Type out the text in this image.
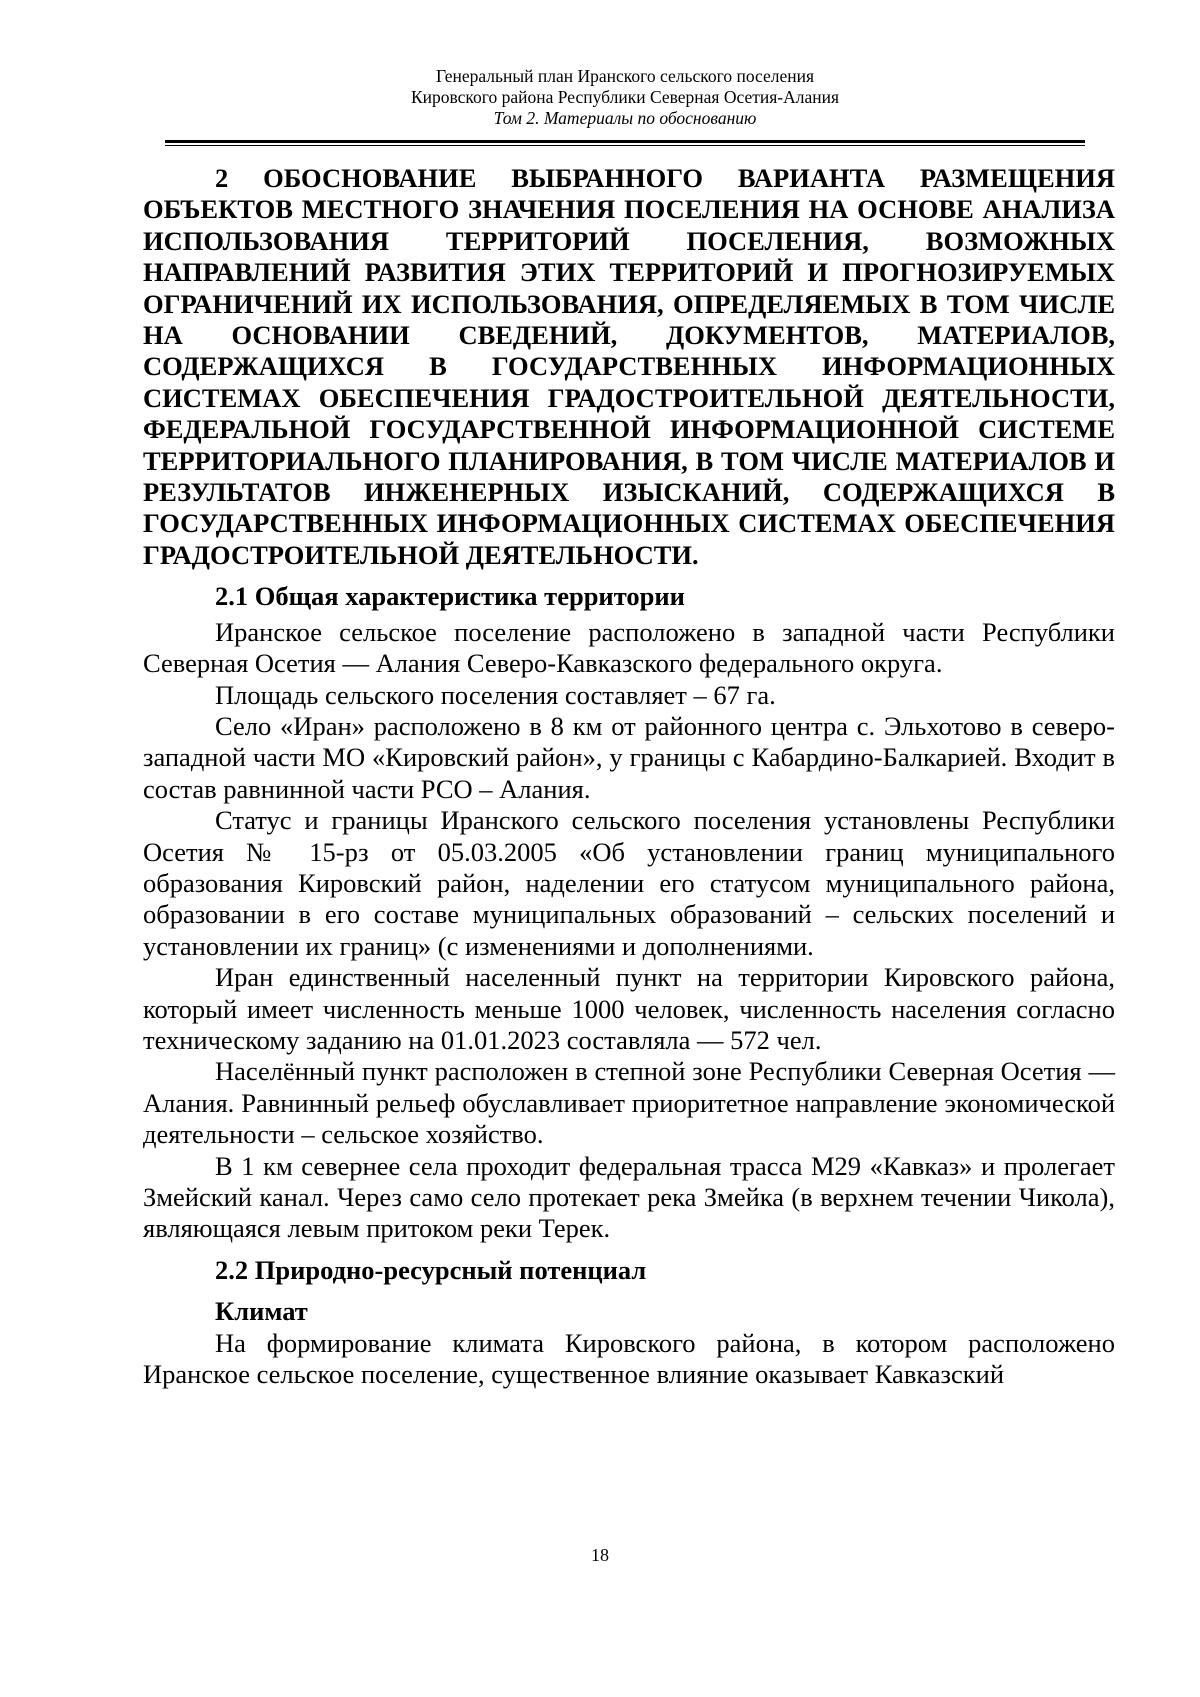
Генеральный план Иранского сельского поселения
Кировского района Республики Северная Осетия-Алания
Том 2. Материалы по обоснованию
2 ОБОСНОВАНИЕ ВЫБРАННОГО ВАРИАНТА РАЗМЕЩЕНИЯ ОБЪЕКТОВ МЕСТНОГО ЗНАЧЕНИЯ ПОСЕЛЕНИЯ НА ОСНОВЕ АНАЛИЗА ИСПОЛЬЗОВАНИЯ ТЕРРИТОРИЙ ПОСЕЛЕНИЯ, ВОЗМОЖНЫХ НАПРАВЛЕНИЙ РАЗВИТИЯ ЭТИХ ТЕРРИТОРИЙ И ПРОГНОЗИРУЕМЫХ ОГРАНИЧЕНИЙ ИХ ИСПОЛЬЗОВАНИЯ, ОПРЕДЕЛЯЕМЫХ В ТОМ ЧИСЛЕ НА ОСНОВАНИИ СВЕДЕНИЙ, ДОКУМЕНТОВ, МАТЕРИАЛОВ, СОДЕРЖАЩИХСЯ В ГОСУДАРСТВЕННЫХ ИНФОРМАЦИОННЫХ СИСТЕМАХ ОБЕСПЕЧЕНИЯ ГРАДОСТРОИТЕЛЬНОЙ ДЕЯТЕЛЬНОСТИ, ФЕДЕРАЛЬНОЙ ГОСУДАРСТВЕННОЙ ИНФОРМАЦИОННОЙ СИСТЕМЕ ТЕРРИТОРИАЛЬНОГО ПЛАНИРОВАНИЯ, В ТОМ ЧИСЛЕ МАТЕРИАЛОВ И РЕЗУЛЬТАТОВ ИНЖЕНЕРНЫХ ИЗЫСКАНИЙ, СОДЕРЖАЩИХСЯ В ГОСУДАРСТВЕННЫХ ИНФОРМАЦИОННЫХ СИСТЕМАХ ОБЕСПЕЧЕНИЯ ГРАДОСТРОИТЕЛЬНОЙ ДЕЯТЕЛЬНОСТИ.
2.1 Общая характеристика территории

Иранское сельское поселение расположено в западной части Республики Северная Осетия — Алания Северо-Кавказского федерального округа.

Площадь сельского поселения составляет – 67 га.

Село «Иран» расположено в 8 км от районного центра с. Эльхотово в северо-западной части МО «Кировский район», у границы с Кабардино-Балкарией. Входит в состав равнинной части РСО – Алания.

Статус и границы Иранского сельского поселения установлены Республики Осетия № 15-рз от 05.03.2005 «Об установлении границ муниципального образования Кировский район, наделении его статусом муниципального района, образовании в его составе муниципальных образований – сельских поселений и установлении их границ» (с изменениями и дополнениями.

Иран единственный населенный пункт на территории Кировского района, который имеет численность меньше 1000 человек, численность населения согласно техническому заданию на 01.01.2023 составляла — 572 чел.

Населённый пункт расположен в степной зоне Республики Северная Осетия — Алания. Равнинный рельеф обуславливает приоритетное направление экономической деятельности – сельское хозяйство.

В 1 км севернее села проходит федеральная трасса М29 «Кавказ» и пролегает Змейский канал. Через само село протекает река Змейка (в верхнем течении Чикола), являющаяся левым притоком реки Терек.

2.2 Природно-ресурсный потенциал
Климат

На формирование климата Кировского района, в котором расположено Иранское сельское поселение, существенное влияние оказывает Кавказский

18
